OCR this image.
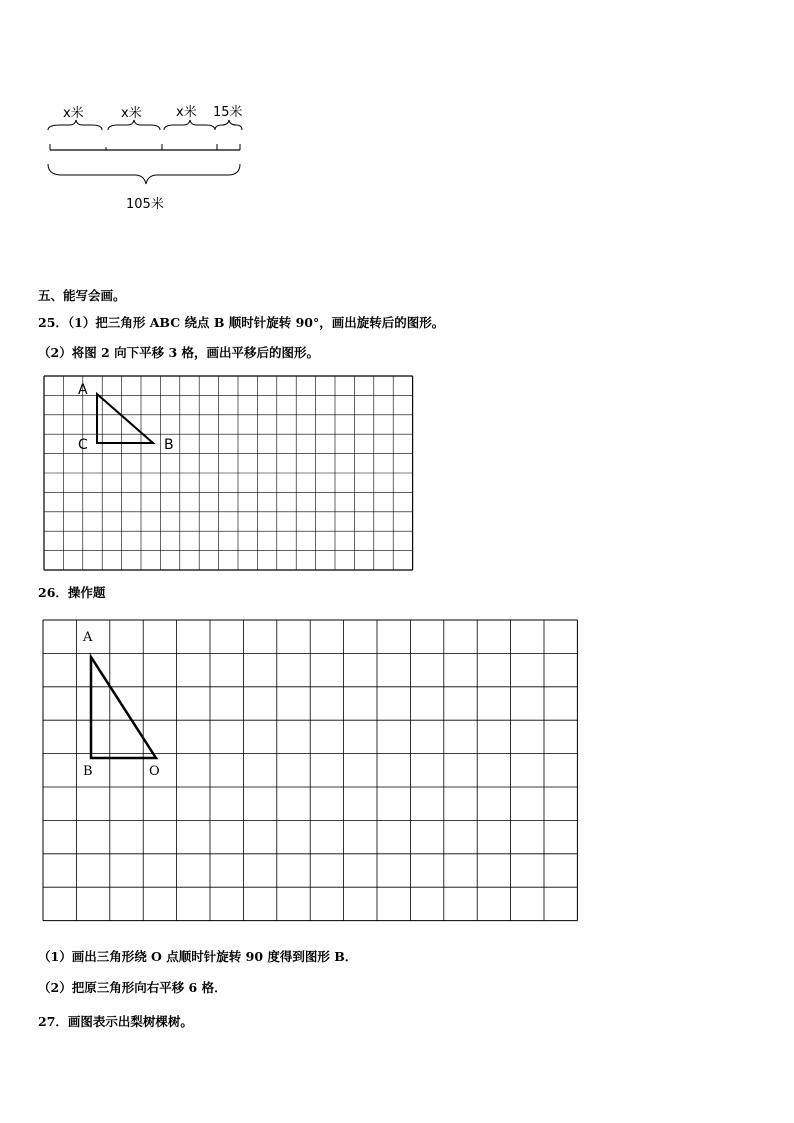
x米	x米	x米 15米
105米
五、能写会画。
25．（1）把三角形 ABC 绕点 B 顺时针旋转 90°，画出旋转后的图形。
（2）将图 2 向下平移 3 格，画出平移后的图形。
A
C	B
26．操作题
A
B	O
（1）画出三角形绕 O 点顺时针旋转 90 度得到图形 B．
（2）把原三角形向右平移 6 格．
27．画图表示出梨树棵树。
